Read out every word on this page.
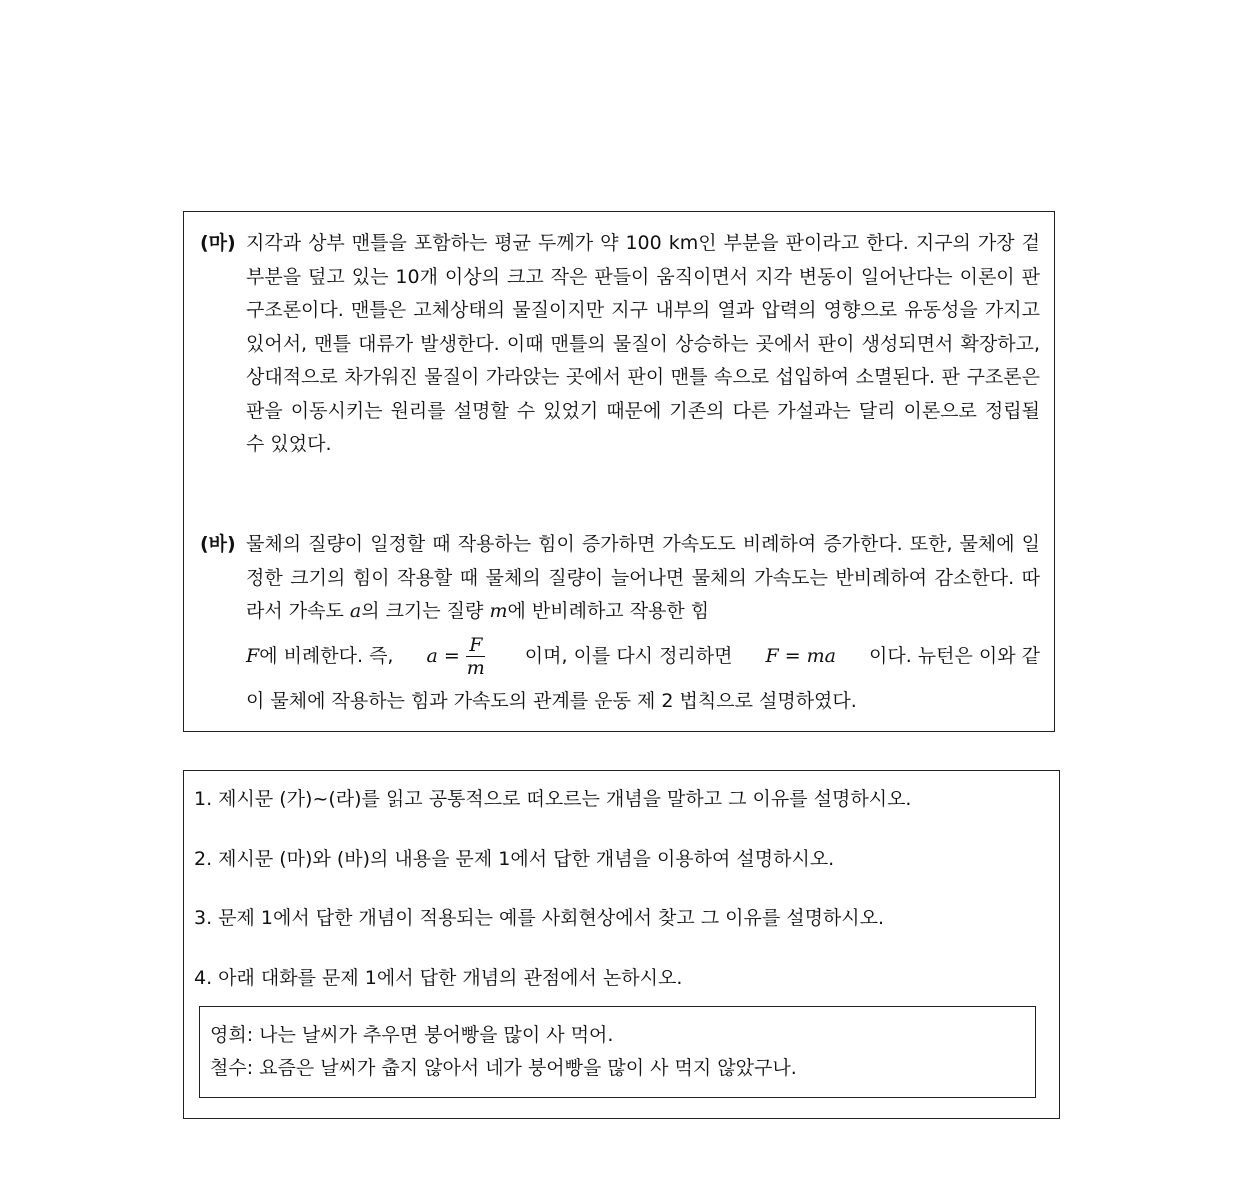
(마) 지각과 상부 맨틀을 포함하는 평균 두께가 약 100 km인 부분을 판이라고 한다. 지구의 가장 겉 부분을 덮고 있는 10개 이상의 크고 작은 판들이 움직이면서 지각 변동이 일어난다는 이론이 판 구조론이다. 맨틀은 고체상태의 물질이지만 지구 내부의 열과 압력의 영향으로 유동성을 가지고 있어서, 맨틀 대류가 발생한다. 이때 맨틀의 물질이 상승하는 곳에서 판이 생성되면서 확장하고, 상대적으로 차가워진 물질이 가라앉는 곳에서 판이 맨틀 속으로 섭입하여 소멸된다. 판 구조론은 판을 이동시키는 원리를 설명할 수 있었기 때문에 기존의 다른 가설과는 달리 이론으로 정립될 수 있었다.
(바) 물체의 질량이 일정할 때 작용하는 힘이 증가하면 가속도도 비례하여 증가한다. 또한, 물체에 일정한 크기의 힘이 작용할 때 물체의 질량이 늘어나면 물체의 가속도는 반비례하여 감소한다. 따라서 가속도 a의 크기는 질량 m에 반비례하고 작용한 힘
F에 비례한다. 즉, $a = \frac{F}{m}$ 이며, 이를 다시 정리하면 F = ma 이다. 뉴턴은 이와 같
이 물체에 작용하는 힘과 가속도의 관계를 운동 제 2 법칙으로 설명하였다.
1. 제시문 (가)~(라)를 읽고 공통적으로 떠오르는 개념을 말하고 그 이유를 설명하시오.
2. 제시문 (마)와 (바)의 내용을 문제 1에서 답한 개념을 이용하여 설명하시오.
3. 문제 1에서 답한 개념이 적용되는 예를 사회현상에서 찾고 그 이유를 설명하시오.
4. 아래 대화를 문제 1에서 답한 개념의 관점에서 논하시오.
영희: 나는 날씨가 추우면 붕어빵을 많이 사 먹어.
철수: 요즘은 날씨가 춥지 않아서 네가 붕어빵을 많이 사 먹지 않았구나.
